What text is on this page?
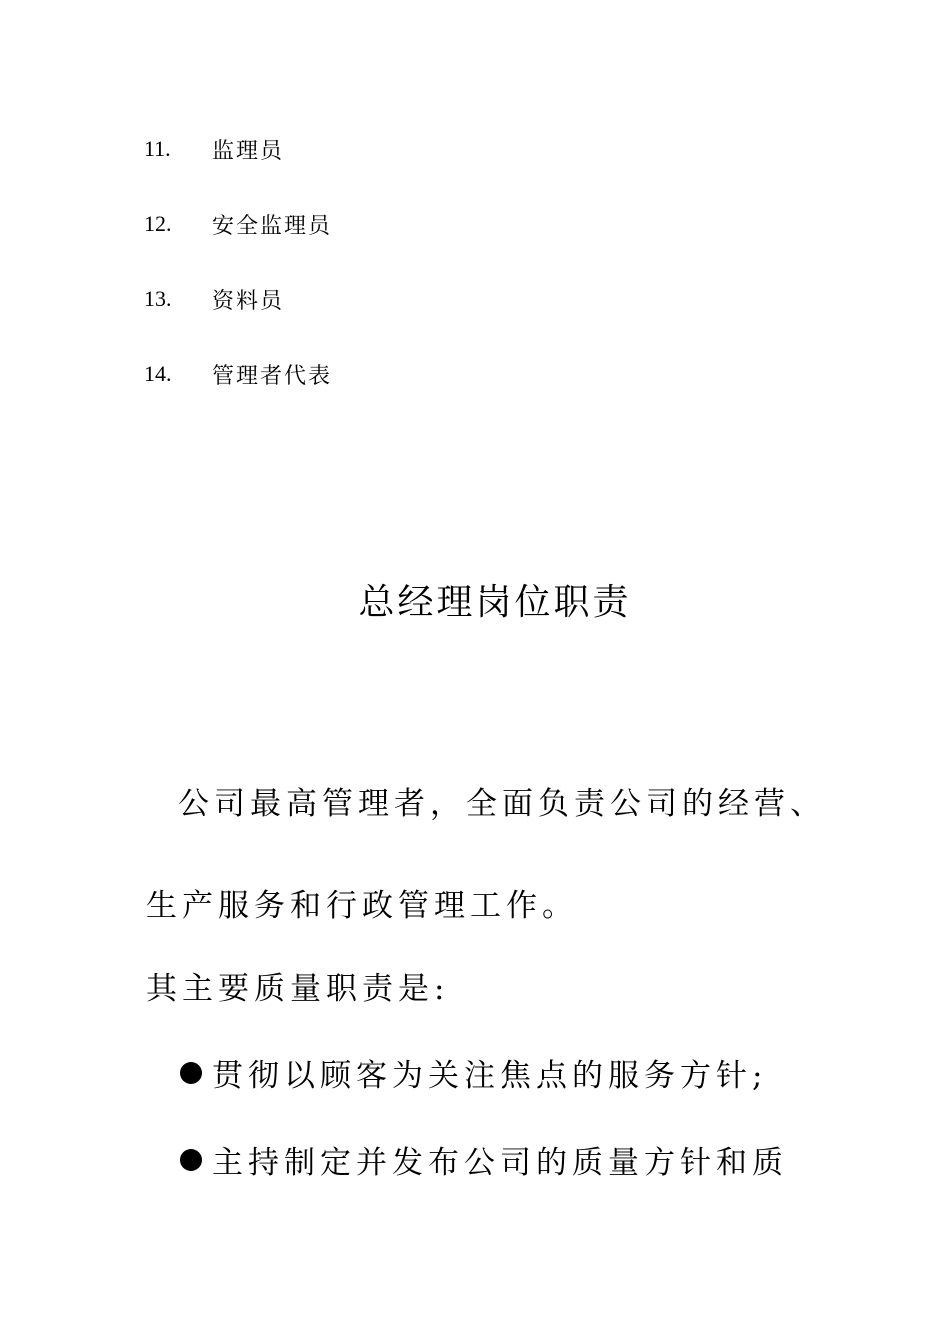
11.	监理员
12.	安全监理员
13.	资料员
14.	管理者代表
总经理岗位职责
公司最高管理者，全面负责公司的经营、
生产服务和行政管理工作。
其主要质量职责是:
贯彻以顾客为关注焦点的服务方针;
主持制定并发布公司的质量方针和质
